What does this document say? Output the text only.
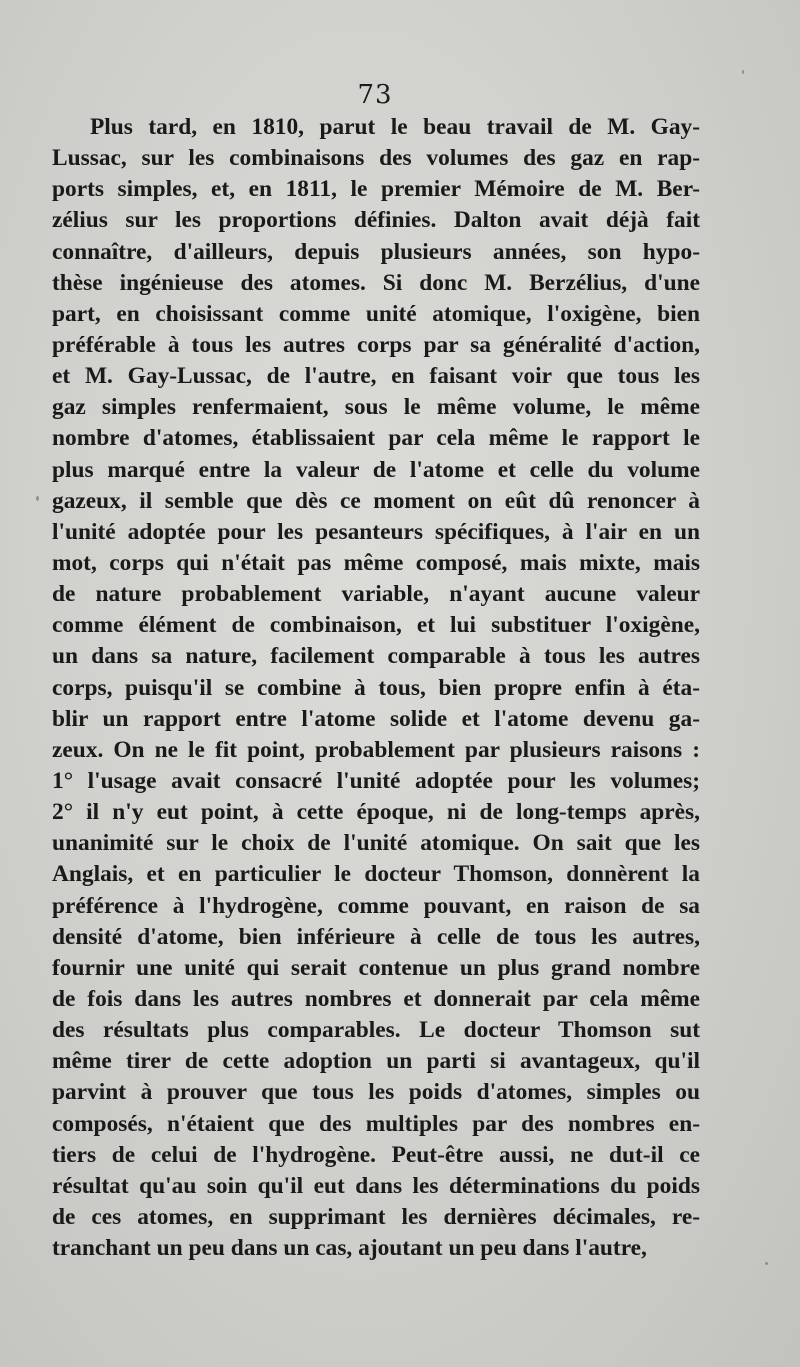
73
Plus tard, en 1810, parut le beau travail de M. Gay-
Lussac, sur les combinaisons des volumes des gaz en rap-
ports simples, et, en 1811, le premier Mémoire de M. Ber-
zélius sur les proportions définies. Dalton avait déjà fait
connaître, d'ailleurs, depuis plusieurs années, son hypo-
thèse ingénieuse des atomes. Si donc M. Berzélius, d'une
part, en choisissant comme unité atomique, l'oxigène, bien
préférable à tous les autres corps par sa généralité d'action,
et M. Gay-Lussac, de l'autre, en faisant voir que tous les
gaz simples renfermaient, sous le même volume, le même
nombre d'atomes, établissaient par cela même le rapport le
plus marqué entre la valeur de l'atome et celle du volume
gazeux, il semble que dès ce moment on eût dû renoncer à
l'unité adoptée pour les pesanteurs spécifiques, à l'air en un
mot, corps qui n'était pas même composé, mais mixte, mais
de nature probablement variable, n'ayant aucune valeur
comme élément de combinaison, et lui substituer l'oxigène,
un dans sa nature, facilement comparable à tous les autres
corps, puisqu'il se combine à tous, bien propre enfin à éta-
blir un rapport entre l'atome solide et l'atome devenu ga-
zeux. On ne le fit point, probablement par plusieurs raisons :
1° l'usage avait consacré l'unité adoptée pour les volumes;
2° il n'y eut point, à cette époque, ni de long-temps après,
unanimité sur le choix de l'unité atomique. On sait que les
Anglais, et en particulier le docteur Thomson, donnèrent la
préférence à l'hydrogène, comme pouvant, en raison de sa
densité d'atome, bien inférieure à celle de tous les autres,
fournir une unité qui serait contenue un plus grand nombre
de fois dans les autres nombres et donnerait par cela même
des résultats plus comparables. Le docteur Thomson sut
même tirer de cette adoption un parti si avantageux, qu'il
parvint à prouver que tous les poids d'atomes, simples ou
composés, n'étaient que des multiples par des nombres en-
tiers de celui de l'hydrogène. Peut-être aussi, ne dut-il ce
résultat qu'au soin qu'il eut dans les déterminations du poids
de ces atomes, en supprimant les dernières décimales, re-
tranchant un peu dans un cas, ajoutant un peu dans l'autre,
